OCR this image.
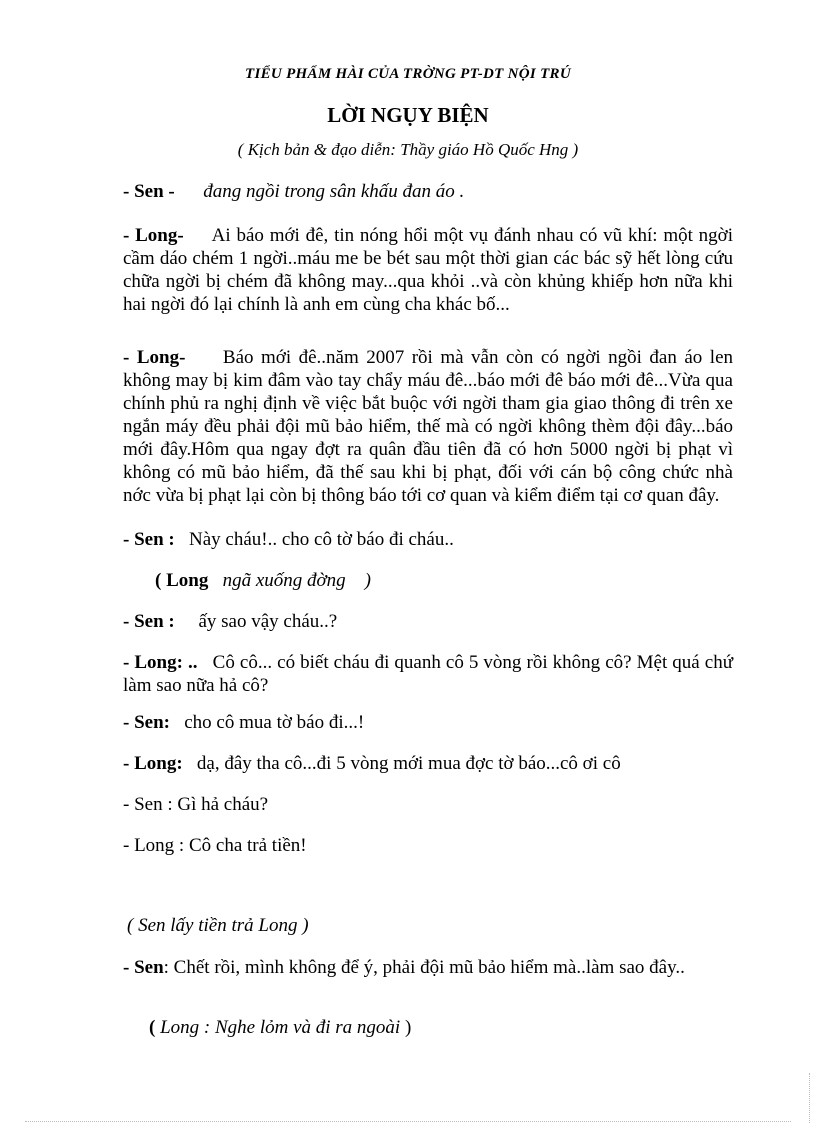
TIỂU PHẨM HÀI CỦA TRỜNG PT-DT NỘI TRÚ
LỜI NGỤY BIỆN
( Kịch bản & đạo diễn: Thầy giáo Hồ Quốc Hng )
- Sen - đang ngồi trong sân khấu đan áo .
- Long- Ai báo mới đê, tin nóng hổi một vụ đánh nhau có vũ khí: một ngời cầm dáo chém 1 ngời..máu me be bét sau một thời gian các bác sỹ hết lòng cứu chữa ngời bị chém đã không may...qua khỏi ..và còn khủng khiếp hơn nữa khi hai ngời đó lại chính là anh em cùng cha khác bố...
- Long- Báo mới đê..năm 2007 rồi mà vẫn còn có ngời ngồi đan áo len không may bị kim đâm vào tay chẩy máu đê...báo mới đê báo mới đê...Vừa qua chính phủ ra nghị định về việc bắt buộc với ngời tham gia giao thông đi trên xe ngắn máy đều phải đội mũ bảo hiểm, thế mà có ngời không thèm đội đây...báo mới đây.Hôm qua ngay đợt ra quân đầu tiên đã có hơn 5000 ngời bị phạt vì không có mũ bảo hiểm, đã thế sau khi bị phạt, đối với cán bộ công chức nhà nớc vừa bị phạt lại còn bị thông báo tới cơ quan và kiểm điểm tại cơ quan đây.
- Sen : Này cháu!.. cho cô tờ báo đi cháu..
( Long ngã xuống đờng )
- Sen : ấy sao vậy cháu..?
- Long: .. Cô cô... có biết cháu đi quanh cô 5 vòng rồi không cô? Mệt quá chứ làm sao nữa hả cô?
- Sen: cho cô mua tờ báo đi...!
- Long: dạ, đây tha cô...đi 5 vòng mới mua đợc tờ báo...cô ơi cô
- Sen : Gì hả cháu?
- Long : Cô cha trả tiền!
( Sen lấy tiền trả Long )
- Sen: Chết rồi, mình không để ý, phải đội mũ bảo hiểm mà..làm sao đây..
( Long : Nghe lỏm và đi ra ngoài )
